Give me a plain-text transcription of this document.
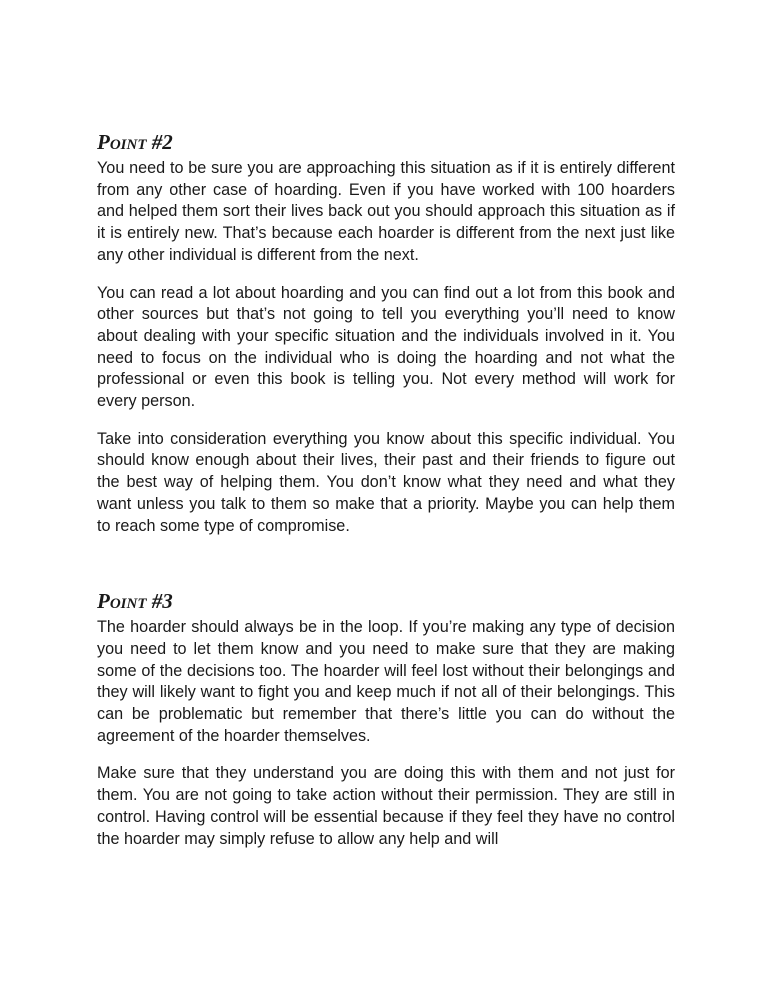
Point #2

You need to be sure you are approaching this situation as if it is entirely different from any other case of hoarding. Even if you have worked with 100 hoarders and helped them sort their lives back out you should approach this situation as if it is entirely new. That’s because each hoarder is different from the next just like any other individual is different from the next.

You can read a lot about hoarding and you can find out a lot from this book and other sources but that’s not going to tell you everything you’ll need to know about dealing with your specific situation and the individuals involved in it. You need to focus on the individual who is doing the hoarding and not what the professional or even this book is telling you. Not every method will work for every person.

Take into consideration everything you know about this specific individual. You should know enough about their lives, their past and their friends to figure out the best way of helping them. You don’t know what they need and what they want unless you talk to them so make that a priority. Maybe you can help them to reach some type of compromise.

Point #3

The hoarder should always be in the loop. If you’re making any type of decision you need to let them know and you need to make sure that they are making some of the decisions too. The hoarder will feel lost without their belongings and they will likely want to fight you and keep much if not all of their belongings. This can be problematic but remember that there’s little you can do without the agreement of the hoarder themselves.

Make sure that they understand you are doing this with them and not just for them. You are not going to take action without their permission. They are still in control. Having control will be essential because if they feel they have no control the hoarder may simply refuse to allow any help and will
